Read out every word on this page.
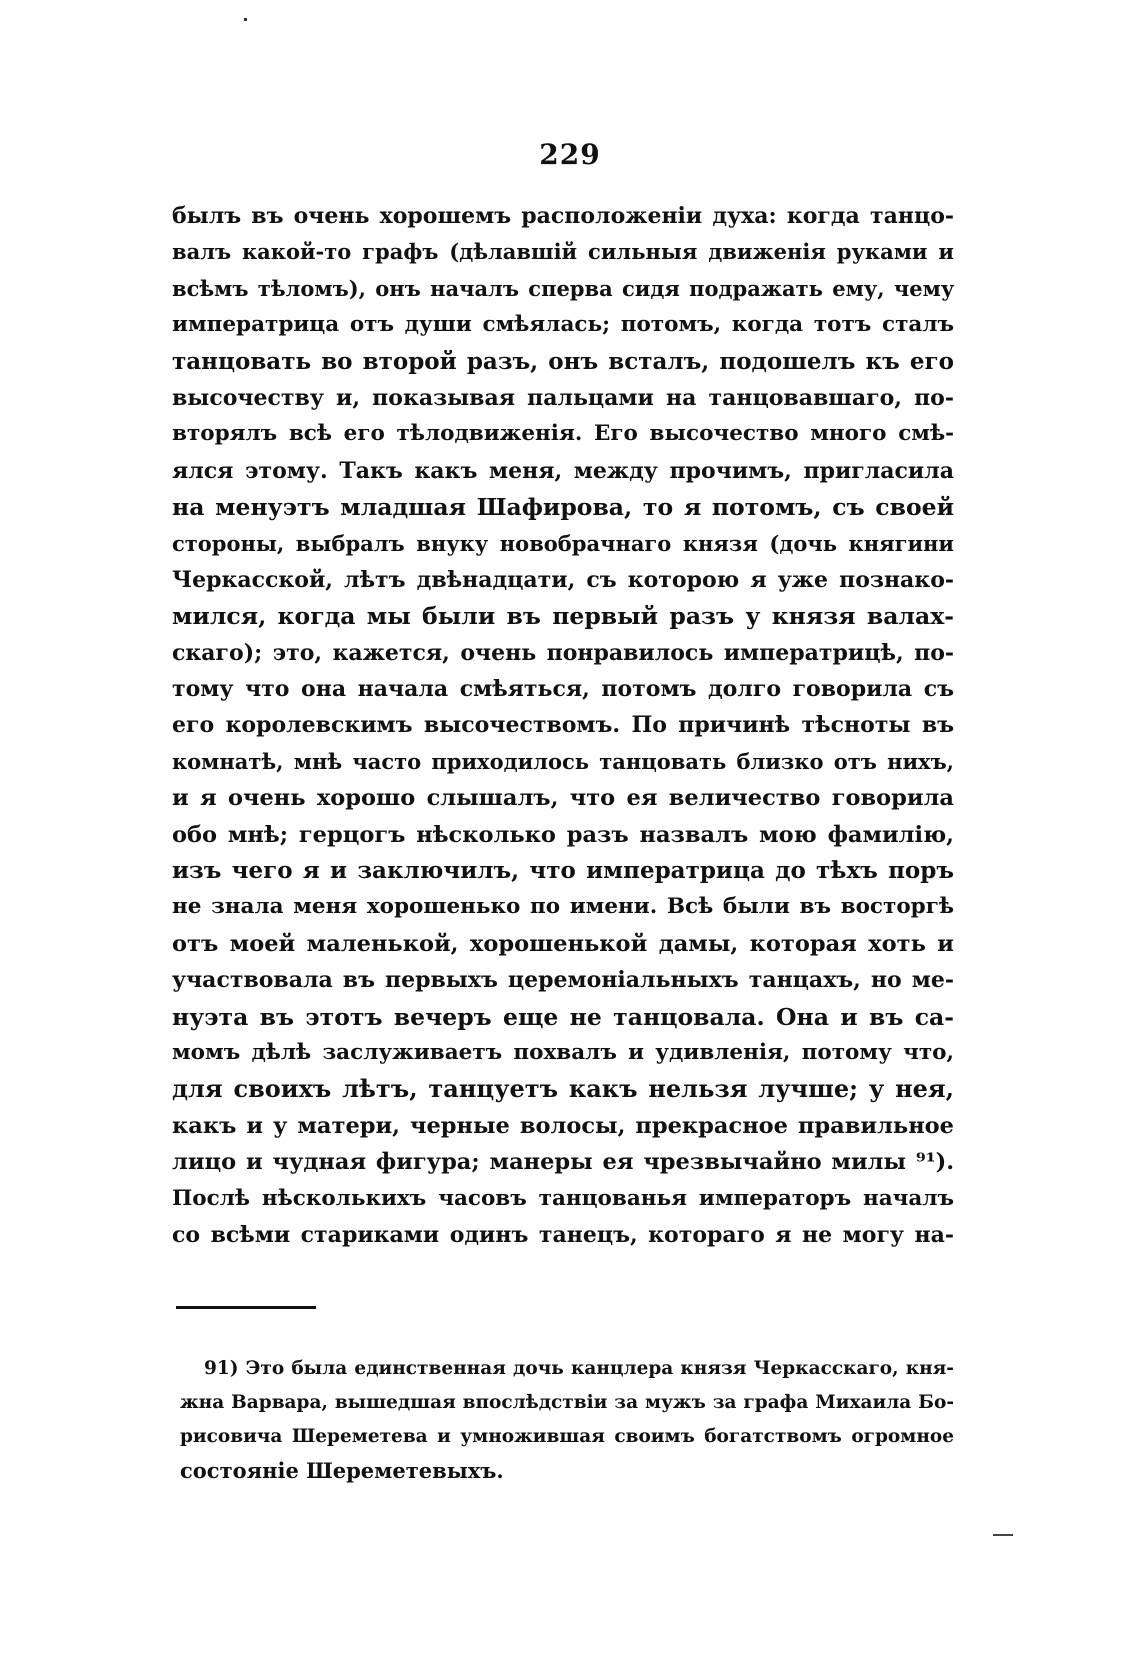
229
былъ въ очень хорошемъ расположенiи духа: когда танцо-
валъ какой-то графъ (дѣлавшiй сильныя движенiя руками и
всѣмъ тѣломъ), онъ началъ сперва сидя подражать ему, чему
императрица отъ души смѣялась; потомъ, когда тотъ сталъ
танцовать во второй разъ, онъ всталъ, подошелъ къ его
высочеству и, показывая пальцами на танцовавшаго, по-
вторялъ всѣ его тѣлодвиженiя. Его высочество много смѣ-
ялся этому. Такъ какъ меня, между прочимъ, пригласила
на менуэтъ младшая Шафирова, то я потомъ, съ своей
стороны, выбралъ внуку новобрачнаго князя (дочь княгини
Черкасской, лѣтъ двѣнадцати, съ которою я уже познако-
мился, когда мы были въ первый разъ у князя валах-
скаго); это, кажется, очень понравилось императрицѣ, по-
тому что она начала смѣяться, потомъ долго говорила съ
его королевскимъ высочествомъ. По причинѣ тѣсноты въ
комнатѣ, мнѣ часто приходилось танцовать близко отъ нихъ,
и я очень хорошо слышалъ, что ея величество говорила
обо мнѣ; герцогъ нѣсколько разъ назвалъ мою фамилiю,
изъ чего я и заключилъ, что императрица до тѣхъ поръ
не знала меня хорошенько по имени. Всѣ были въ восторгѣ
отъ моей маленькой, хорошенькой дамы, которая хоть и
участвовала въ первыхъ церемонiальныхъ танцахъ, но ме-
нуэта въ этотъ вечеръ еще не танцовала. Она и въ са-
момъ дѣлѣ заслуживаетъ похвалъ и удивленiя, потому что,
для своихъ лѣтъ, танцуетъ какъ нельзя лучше; у нея,
какъ и у матери, черные волосы, прекрасное правильное
лицо и чудная фигура; манеры ея чрезвычайно милы ⁹¹).
Послѣ нѣсколькихъ часовъ танцованья императоръ началъ
со всѣми стариками одинъ танецъ, котораго я не могу на-
91) Это была единственная дочь канцлера князя Черкасскаго, кня-
жна Варвара, вышедшая впослѣдствiи за мужъ за графа Михаила Бо-
рисовича Шереметева и умножившая своимъ богатствомъ огромное
состоянiе Шереметевыхъ.
